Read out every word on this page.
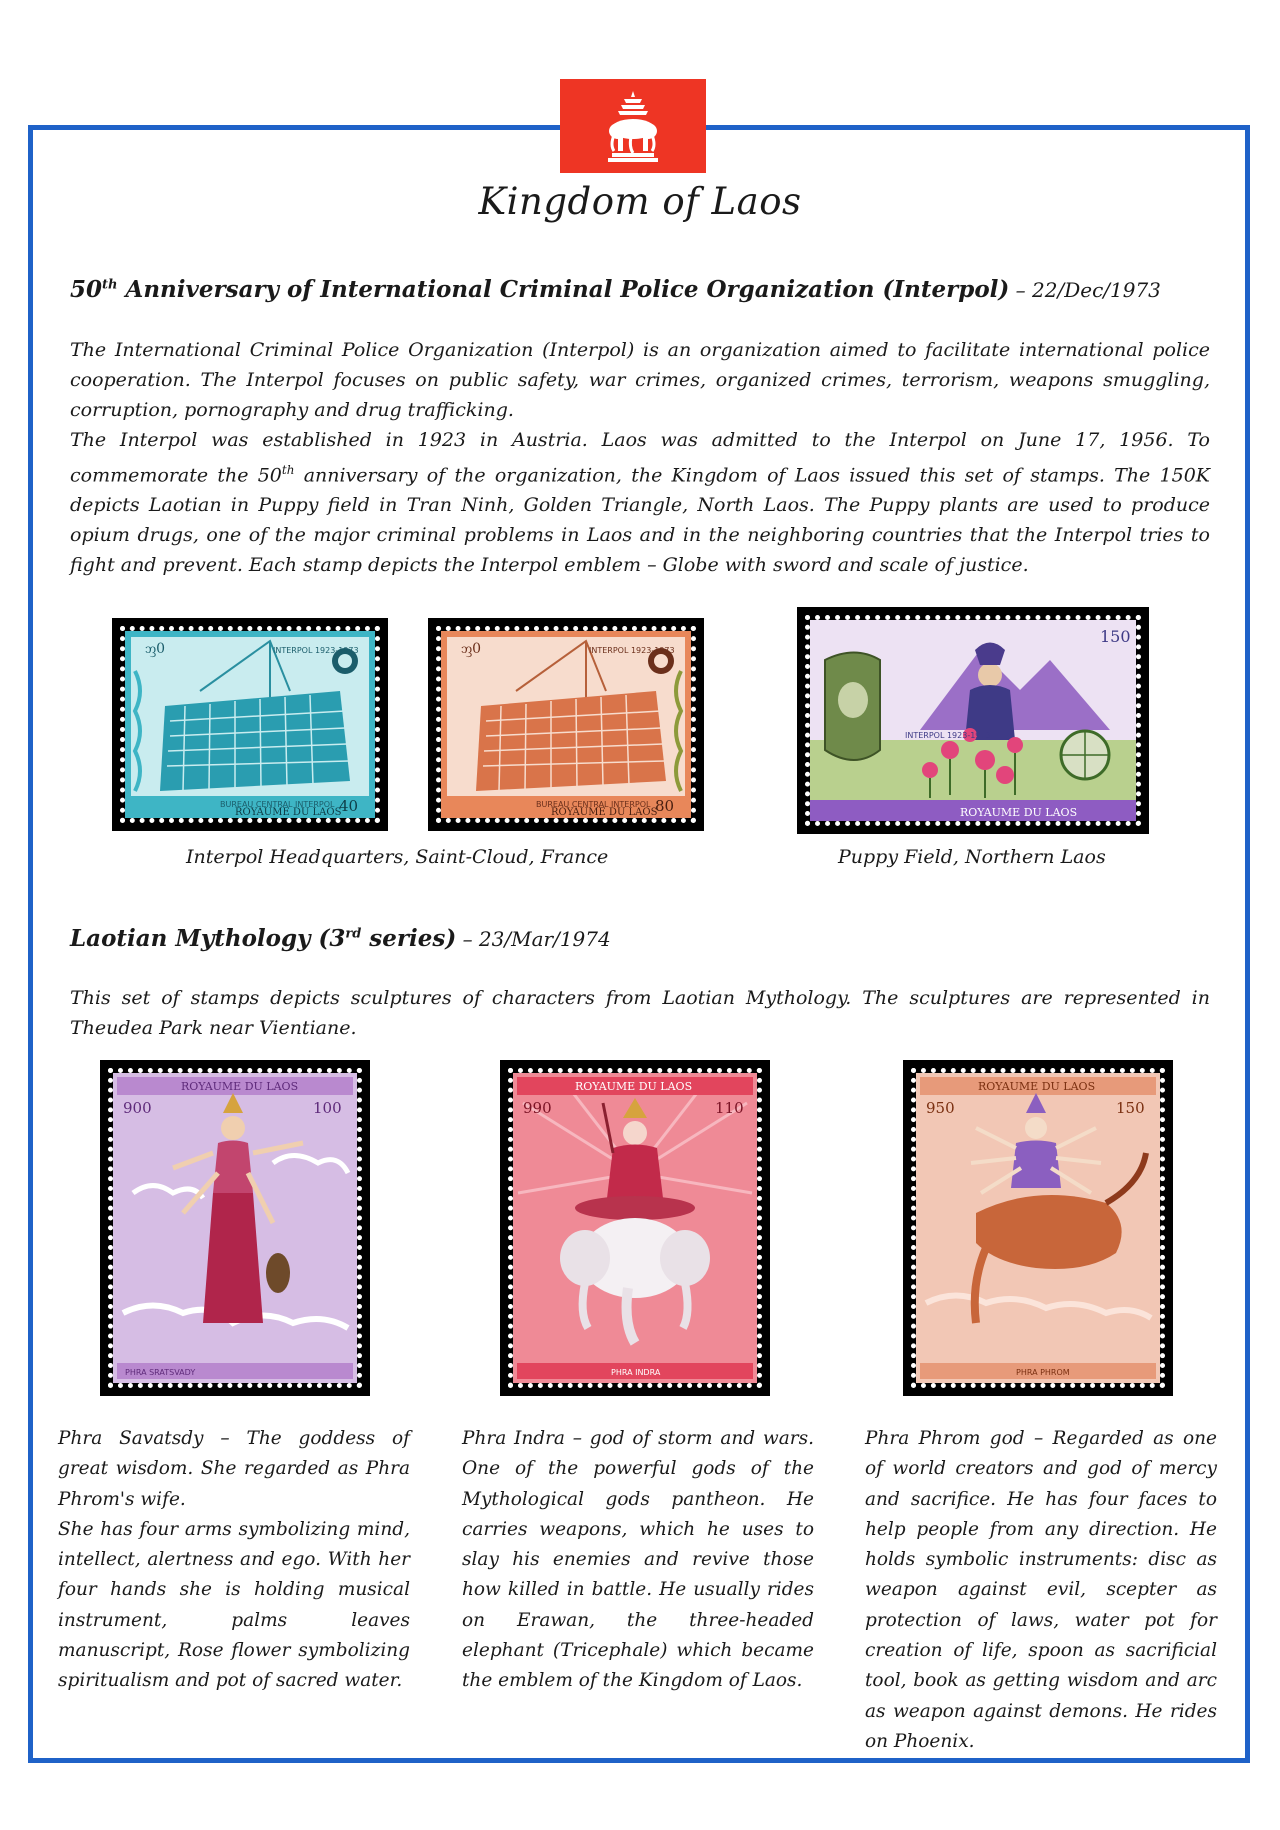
Kingdom of Laos
50th Anniversary of International Criminal Police Organization (Interpol) – 22/Dec/1973

The International Criminal Police Organization (Interpol) is an organization aimed to facilitate international police cooperation. The Interpol focuses on public safety, war crimes, organized crimes, terrorism, weapons smuggling, corruption, pornography and drug trafficking.

The Interpol was established in 1923 in Austria. Laos was admitted to the Interpol on June 17, 1956. To commemorate the 50th anniversary of the organization, the Kingdom of Laos issued this set of stamps. The 150K depicts Laotian in Puppy field in Tran Ninh, Golden Triangle, North Laos. The Puppy plants are used to produce opium drugs, one of the major criminal problems in Laos and in the neighboring countries that the Interpol tries to fight and prevent. Each stamp depicts the Interpol emblem – Globe with sword and scale of justice.

INTERPOL 1923-1973
ᦀ0
BUREAU CENTRAL INTERPOL
ROYAUME DU LAOS
40
INTERPOL 1923-1973
ᦀ0
BUREAU CENTRAL INTERPOL
ROYAUME DU LAOS
80
150
INTERPOL 1923-1973
ROYAUME DU LAOS
Interpol Headquarters, Saint-Cloud, France	Puppy Field, Northern Laos
Laotian Mythology (3rd series) – 23/Mar/1974
This set of stamps depicts sculptures of characters from Laotian Mythology. The sculptures are represented in Theudea Park near Vientiane.
ROYAUME DU LAOS
900	100
PHRA SRATSVADY
ROYAUME DU LAOS
990	110
PHRA INDRA
ROYAUME DU LAOS
950	150
PHRA PHROM

Phra Savatsdy – The goddess of great wisdom. She regarded as Phra Phrom's wife.

She has four arms symbolizing mind, intellect, alertness and ego. With her four hands she is holding musical instrument, palms leaves manuscript, Rose flower symbolizing spiritualism and pot of sacred water.

Phra Indra – god of storm and wars. One of the powerful gods of the Mythological gods pantheon. He carries weapons, which he uses to slay his enemies and revive those how killed in battle. He usually rides on Erawan, the three-headed elephant (Tricephale) which became the emblem of the Kingdom of Laos.
Phra Phrom god – Regarded as one of world creators and god of mercy and sacrifice. He has four faces to help people from any direction. He holds symbolic instruments: disc as weapon against evil, scepter as protection of laws, water pot for creation of life, spoon as sacrificial tool, book as getting wisdom and arc as weapon against demons. He rides on Phoenix.
